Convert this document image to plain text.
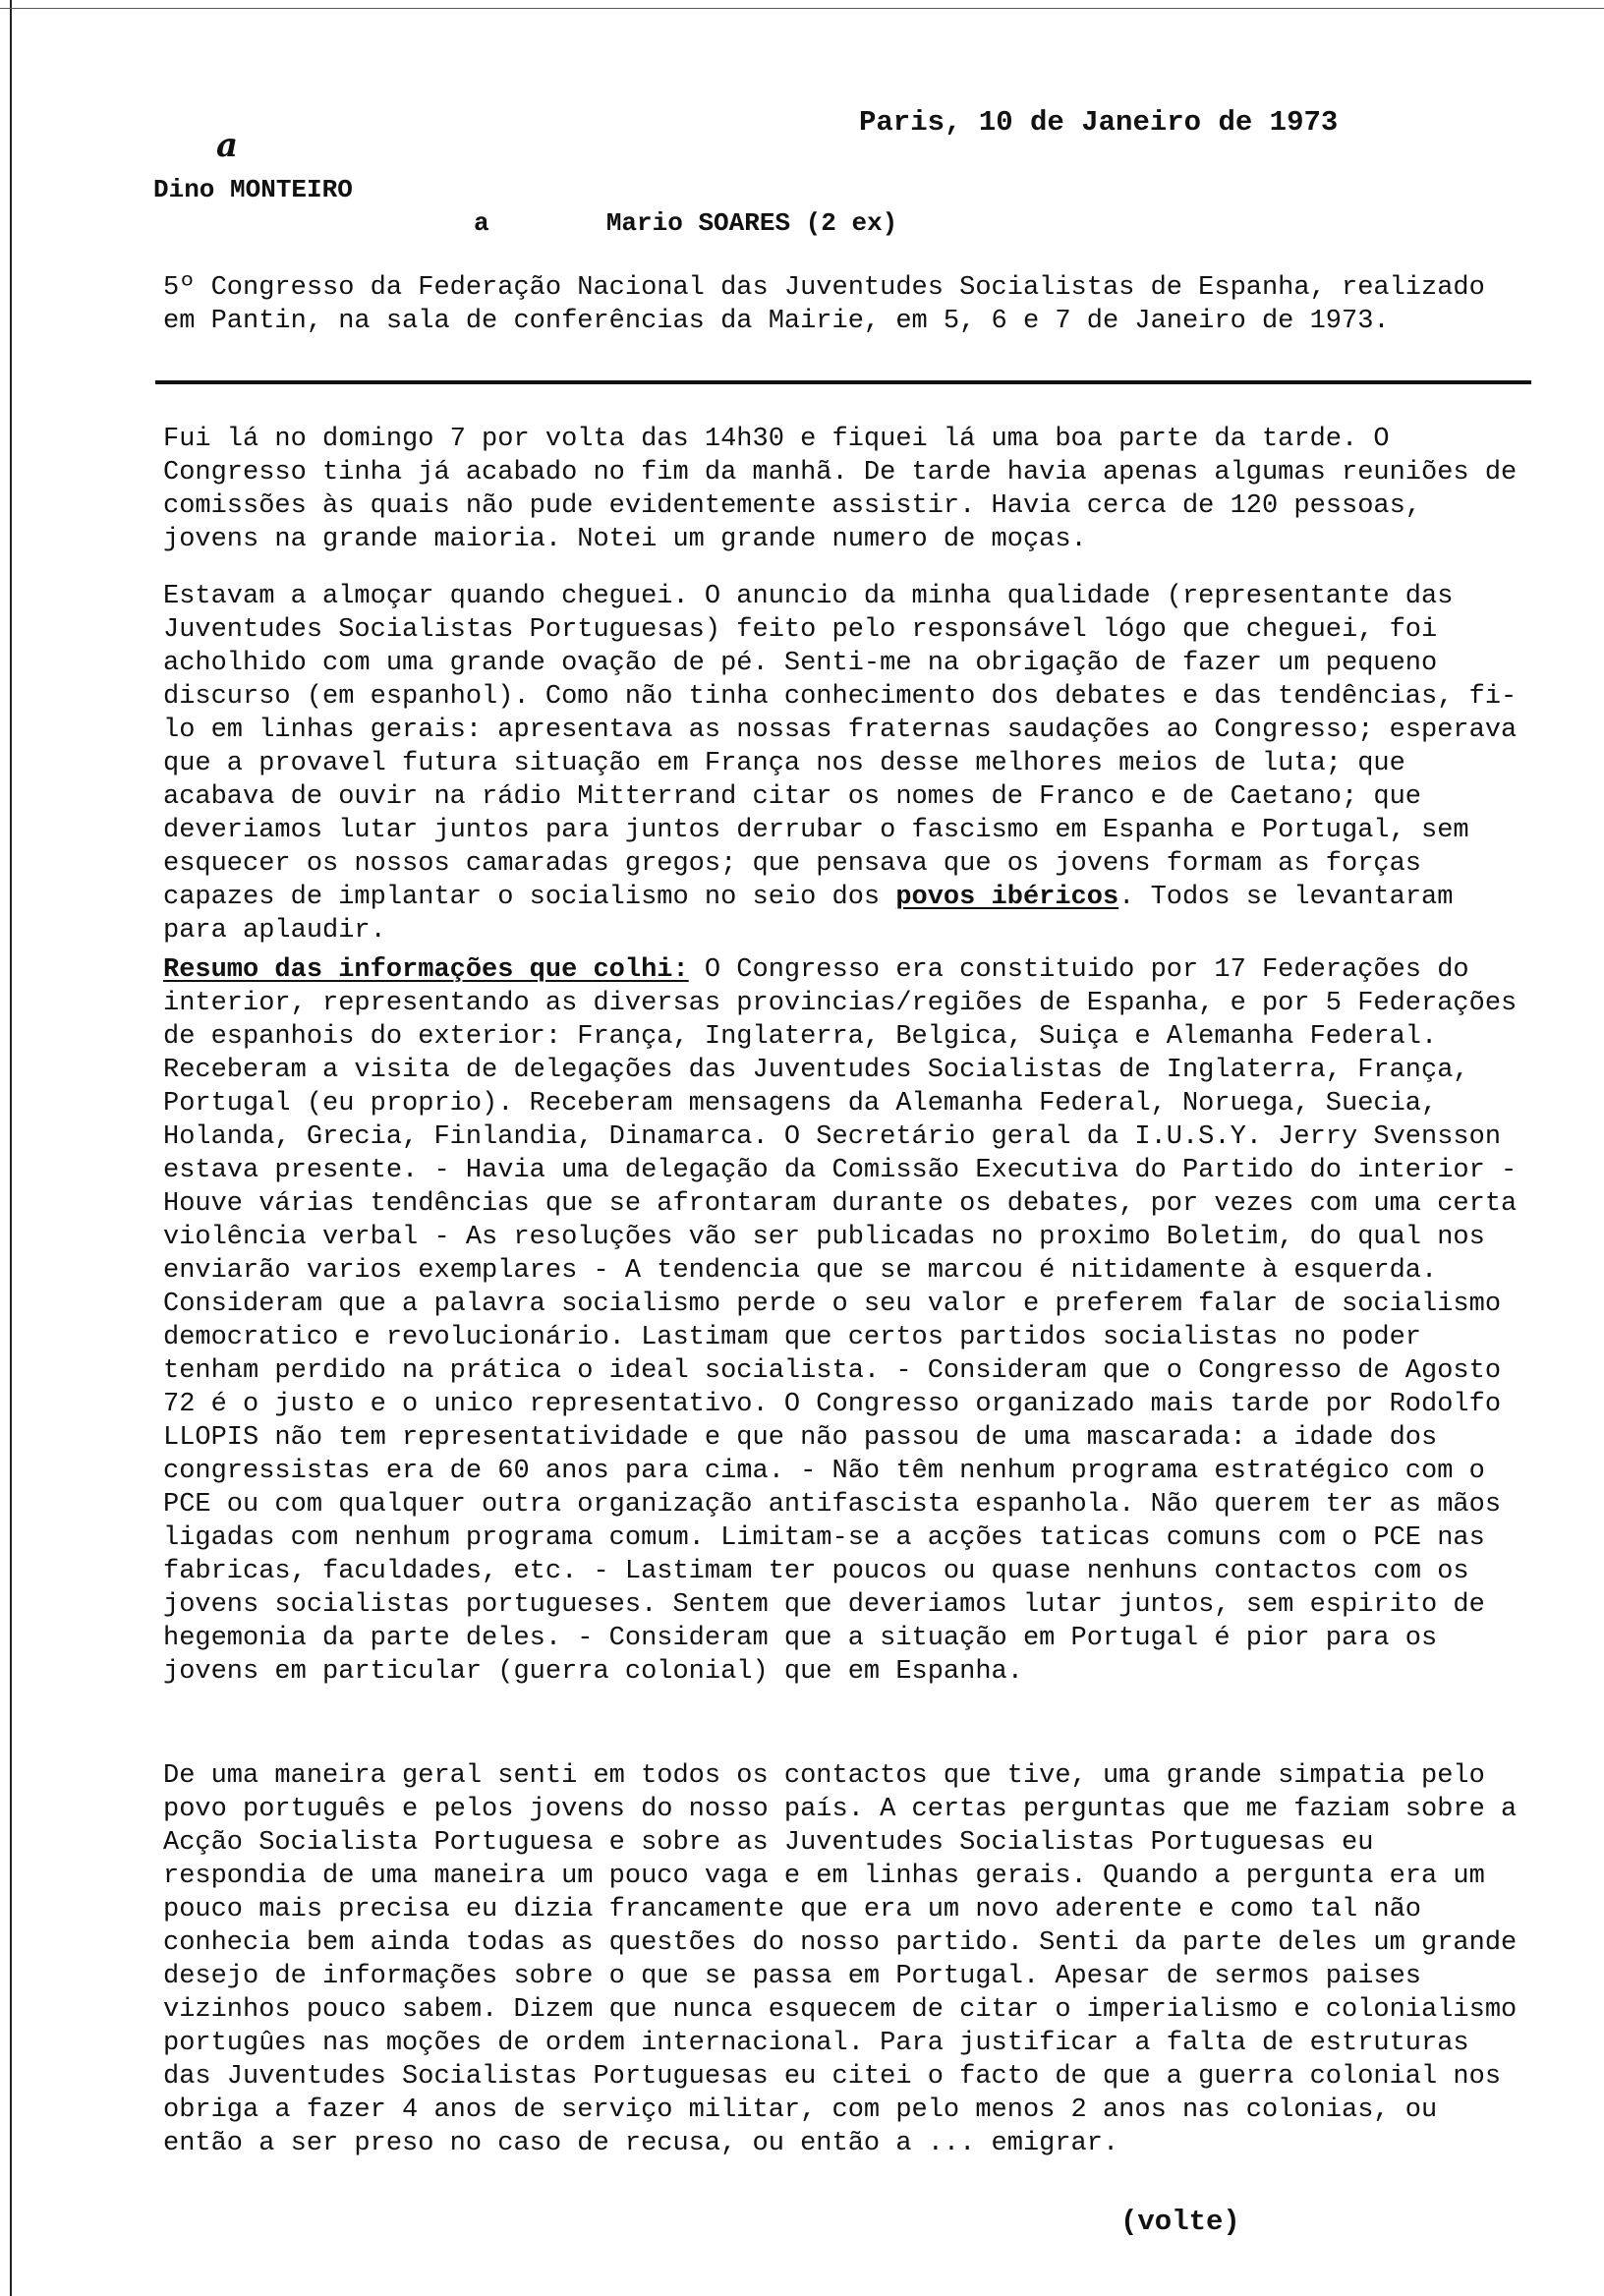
Paris, 10 de Janeiro de 1973
a
Dino MONTEIRO
a	Mario SOARES (2 ex)

5º Congresso da Federação Nacional das Juventudes Socialistas de Espanha, realizado em Pantin, na sala de conferências da Mairie, em 5, 6 e 7 de Janeiro de 1973.

Fui lá no domingo 7 por volta das 14h30 e fiquei lá uma boa parte da tarde. O Congresso tinha já acabado no fim da manhã. De tarde havia apenas algumas reuniões de comissões às quais não pude evidentemente assistir. Havia cerca de 120 pessoas, jovens na grande maioria. Notei um grande numero de moças.

Estavam a almoçar quando cheguei. O anuncio da minha qualidade (representante das Juventudes Socialistas Portuguesas) feito pelo responsável lógo que cheguei, foi acholhido com uma grande ovação de pé. Senti-me na obrigação de fazer um pequeno discurso (em espanhol). Como não tinha conhecimento dos debates e das tendências, fi-lo em linhas gerais: apresentava as nossas fraternas saudações ao Congresso; esperava que a provavel futura situação em França nos desse melhores meios de luta; que acabava de ouvir na rádio Mitterrand citar os nomes de Franco e de Caetano; que deveriamos lutar juntos para juntos derrubar o fascismo em Espanha e Portugal, sem esquecer os nossos camaradas gregos; que pensava que os jovens formam as forças capazes de implantar o socialismo no seio dos povos ibéricos. Todos se levantaram para aplaudir.

Resumo das informações que colhi: O Congresso era constituido por 17 Federações do interior, representando as diversas provincias/regiões de Espanha, e por 5 Federações de espanhois do exterior: França, Inglaterra, Belgica, Suiça e Alemanha Federal. Receberam a visita de delegações das Juventudes Socialistas de Inglaterra, França, Portugal (eu proprio). Receberam mensagens da Alemanha Federal, Noruega, Suecia, Holanda, Grecia, Finlandia, Dinamarca. O Secretário geral da I.U.S.Y. Jerry Svensson estava presente. - Havia uma delegação da Comissão Executiva do Partido do interior - Houve várias tendências que se afrontaram durante os debates, por vezes com uma certa violência verbal - As resoluções vão ser publicadas no proximo Boletim, do qual nos enviarão varios exemplares - A tendencia que se marcou é nitidamente à esquerda. Consideram que a palavra socialismo perde o seu valor e preferem falar de socialismo democratico e revolucionário. Lastimam que certos partidos socialistas no poder tenham perdido na prática o ideal socialista. - Consideram que o Congresso de Agosto 72 é o justo e o unico representativo. O Congresso organizado mais tarde por Rodolfo LLOPIS não tem representatividade e que não passou de uma mascarada: a idade dos congressistas era de 60 anos para cima. - Não têm nenhum programa estratégico com o PCE ou com qualquer outra organização antifascista espanhola. Não querem ter as mãos ligadas com nenhum programa comum. Limitam-se a acções taticas comuns com o PCE nas fabricas, faculdades, etc. - Lastimam ter poucos ou quase nenhuns contactos com os jovens socialistas portugueses. Sentem que deveriamos lutar juntos, sem espirito de hegemonia da parte deles. - Consideram que a situação em Portugal é pior para os jovens em particular (guerra colonial) que em Espanha.

De uma maneira geral senti em todos os contactos que tive, uma grande simpatia pelo povo português e pelos jovens do nosso país. A certas perguntas que me faziam sobre a Acção Socialista Portuguesa e sobre as Juventudes Socialistas Portuguesas eu respondia de uma maneira um pouco vaga e em linhas gerais. Quando a pergunta era um pouco mais precisa eu dizia francamente que era um novo aderente e como tal não conhecia bem ainda todas as questões do nosso partido. Senti da parte deles um grande desejo de informações sobre o que se passa em Portugal. Apesar de sermos paises vizinhos pouco sabem. Dizem que nunca esquecem de citar o imperialismo e colonialismo portugûes nas moções de ordem internacional. Para justificar a falta de estruturas das Juventudes Socialistas Portuguesas eu citei o facto de que a guerra colonial nos obriga a fazer 4 anos de serviço militar, com pelo menos 2 anos nas colonias, ou então a ser preso no caso de recusa, ou então a ... emigrar.

(volte)
